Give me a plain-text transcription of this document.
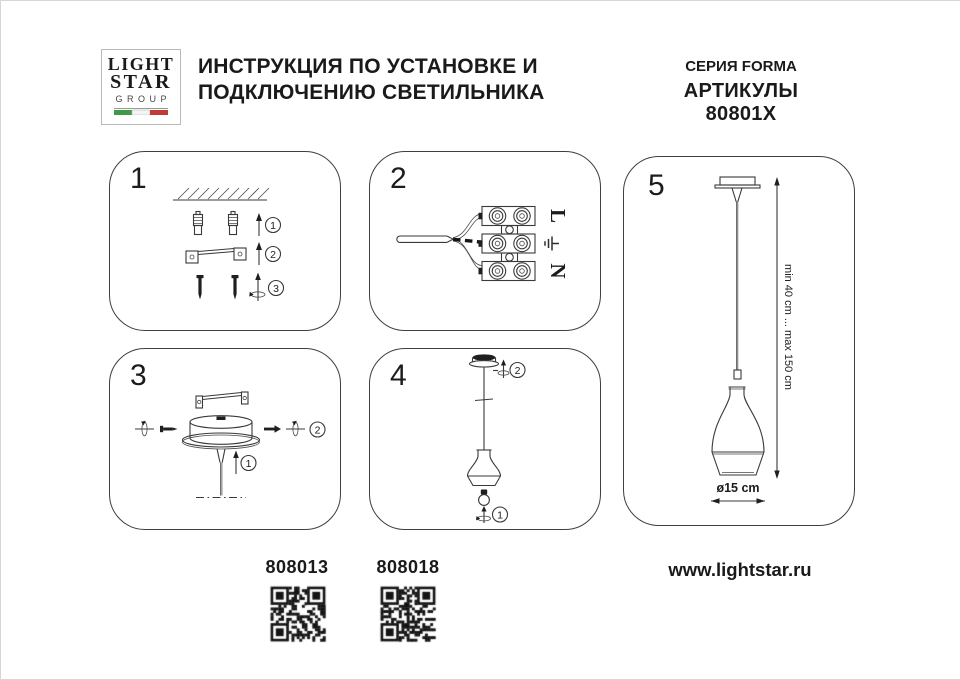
LIGHT
STAR
GROUP
ИНСТРУКЦИЯ ПО УСТАНОВКЕ И
ПОДКЛЮЧЕНИЮ СВЕТИЛЬНИКА
СЕРИЯ FORMA
АРТИКУЛЫ 80801X
1
1
2
3
2
L
N
3
2
1
4	2
1
5
min 40 cm ... max 150 cm
ø15 cm
808013	808018	www.lightstar.ru
